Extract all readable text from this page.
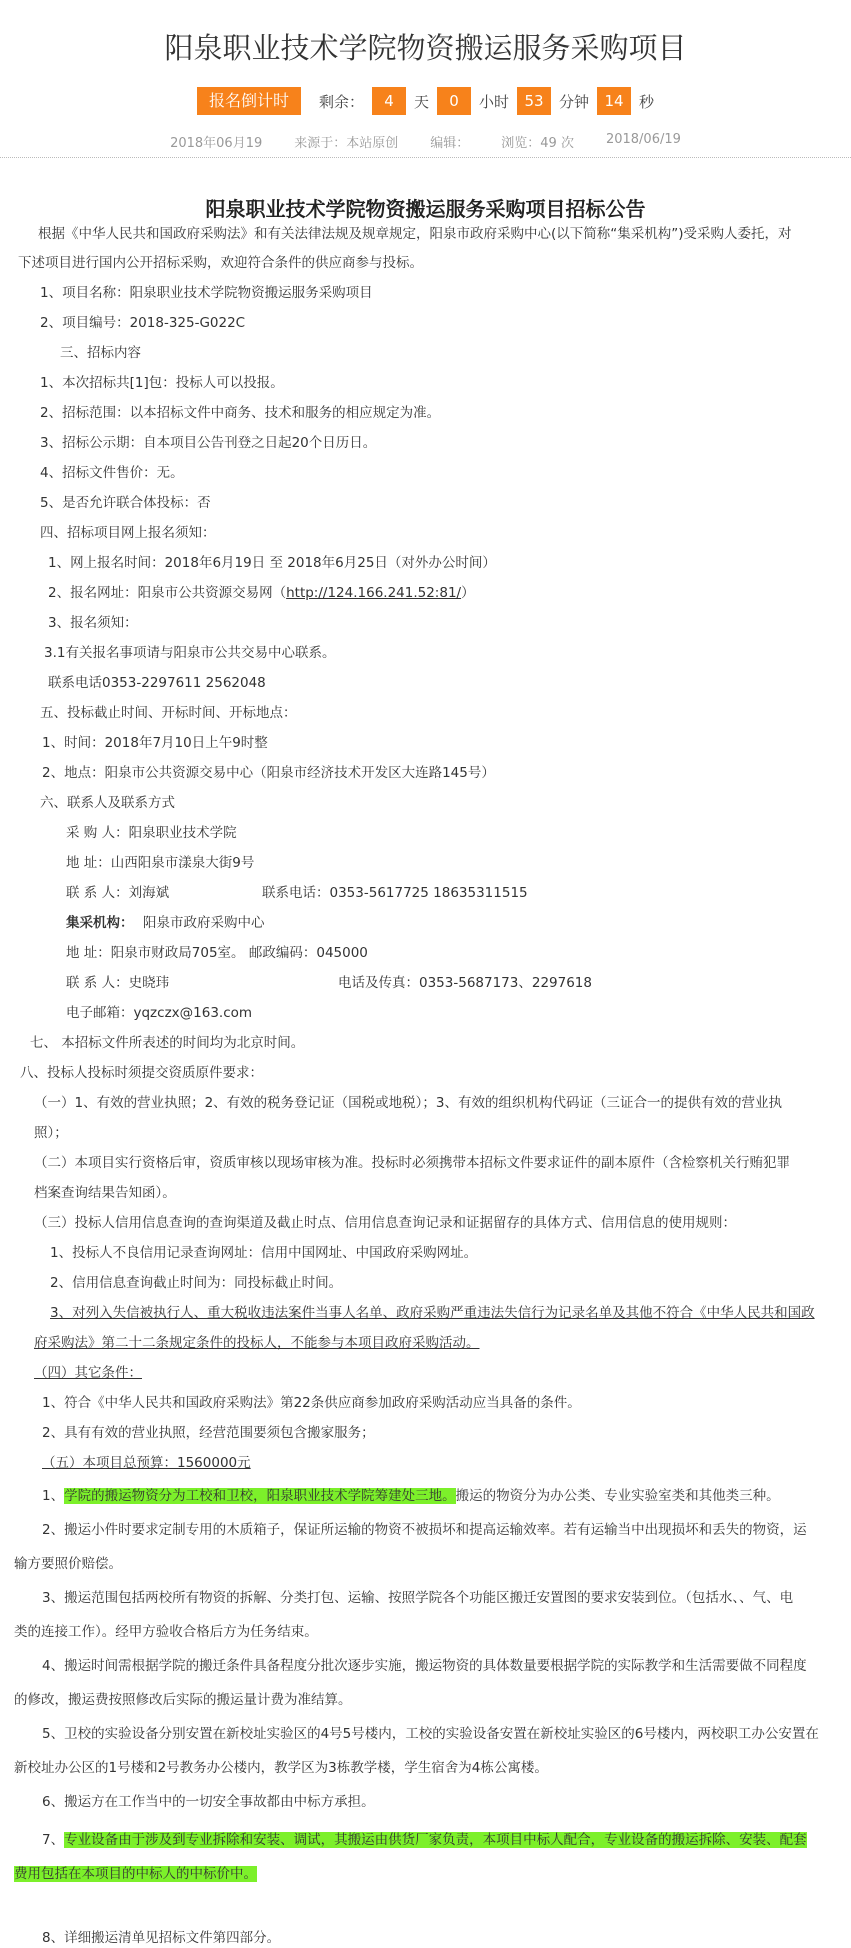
阳泉职业技术学院物资搬运服务采购项目
报名倒计时	剩余：	4	天	0	小时	53	分钟	14	秒
2018年06月19 来源于：本站原创 编辑： 浏览：49 次 2018/06/19
阳泉职业技术学院物资搬运服务采购项目招标公告
根据《中华人民共和国政府采购法》和有关法律法规及规章规定，阳泉市政府采购中心(以下简称“集采机构”)受采购人委托，对
下述项目进行国内公开招标采购，欢迎符合条件的供应商参与投标。
1、项目名称：阳泉职业技术学院物资搬运服务采购项目
2、项目编号：2018-325-G022C
三、招标内容
1、本次招标共[1]包：投标人可以投报。
2、招标范围：以本招标文件中商务、技术和服务的相应规定为准。
3、招标公示期：自本项目公告刊登之日起20个日历日。
4、招标文件售价：无。
5、是否允许联合体投标：否
四、招标项目网上报名须知：
1、网上报名时间：2018年6月19日 至 2018年6月25日（对外办公时间）
2、报名网址：阳泉市公共资源交易网（http://124.166.241.52:81/）
3、报名须知：
3.1有关报名事项请与阳泉市公共交易中心联系。
联系电话0353-2297611 2562048
五、投标截止时间、开标时间、开标地点：
1、时间：2018年7月10日上午9时整
2、地点：阳泉市公共资源交易中心（阳泉市经济技术开发区大连路145号）
六、联系人及联系方式
采 购 人：阳泉职业技术学院
地 址：山西阳泉市漾泉大街9号
联 系 人：刘海斌	联系电话：0353-5617725 18635311515
集采机构： 阳泉市政府采购中心
地 址：阳泉市财政局705室。 邮政编码：045000
联 系 人：史晓玮	电话及传真：0353-5687173、2297618
电子邮箱：yqzczx@163.com
七、 本招标文件所表述的时间均为北京时间。
八、投标人投标时须提交资质原件要求：
（一）1、有效的营业执照；2、有效的税务登记证（国税或地税）；3、有效的组织机构代码证（三证合一的提供有效的营业执
照）；
（二）本项目实行资格后审，资质审核以现场审核为准。投标时必须携带本招标文件要求证件的副本原件（含检察机关行贿犯罪
档案查询结果告知函）。
（三）投标人信用信息查询的查询渠道及截止时点、信用信息查询记录和证据留存的具体方式、信用信息的使用规则：
1、投标人不良信用记录查询网址：信用中国网址、中国政府采购网址。
2、信用信息查询截止时间为：同投标截止时间。
3、对列入失信被执行人、重大税收违法案件当事人名单、政府采购严重违法失信行为记录名单及其他不符合《中华人民共和国政
府采购法》第二十二条规定条件的投标人，不能参与本项目政府采购活动。
（四）其它条件：
1、符合《中华人民共和国政府采购法》第22条供应商参加政府采购活动应当具备的条件。
2、具有有效的营业执照，经营范围要须包含搬家服务；
（五）本项目总预算：1560000元
1、学院的搬运物资分为工校和卫校，阳泉职业技术学院筹建处三地。搬运的物资分为办公类、专业实验室类和其他类三种。
2、搬运小件时要求定制专用的木质箱子，保证所运输的物资不被损坏和提高运输效率。若有运输当中出现损坏和丢失的物资，运
输方要照价赔偿。
3、搬运范围包括两校所有物资的拆解、分类打包、运输、按照学院各个功能区搬迁安置图的要求安装到位。（包括水、、气、电
类的连接工作）。经甲方验收合格后方为任务结束。
4、搬运时间需根据学院的搬迁条件具备程度分批次逐步实施，搬运物资的具体数量要根据学院的实际教学和生活需要做不同程度
的修改，搬运费按照修改后实际的搬运量计费为准结算。
5、卫校的实验设备分别安置在新校址实验区的4号5号楼内，工校的实验设备安置在新校址实验区的6号楼内，两校职工办公安置在
新校址办公区的1号楼和2号教务办公楼内，教学区为3栋教学楼，学生宿舍为4栋公寓楼。
6、搬运方在工作当中的一切安全事故都由中标方承担。
7、专业设备由于涉及到专业拆除和安装、调试，其搬运由供货厂家负责，本项目中标人配合，专业设备的搬运拆除、安装、配套
费用包括在本项目的中标人的中标价中。
8、详细搬运清单见招标文件第四部分。
